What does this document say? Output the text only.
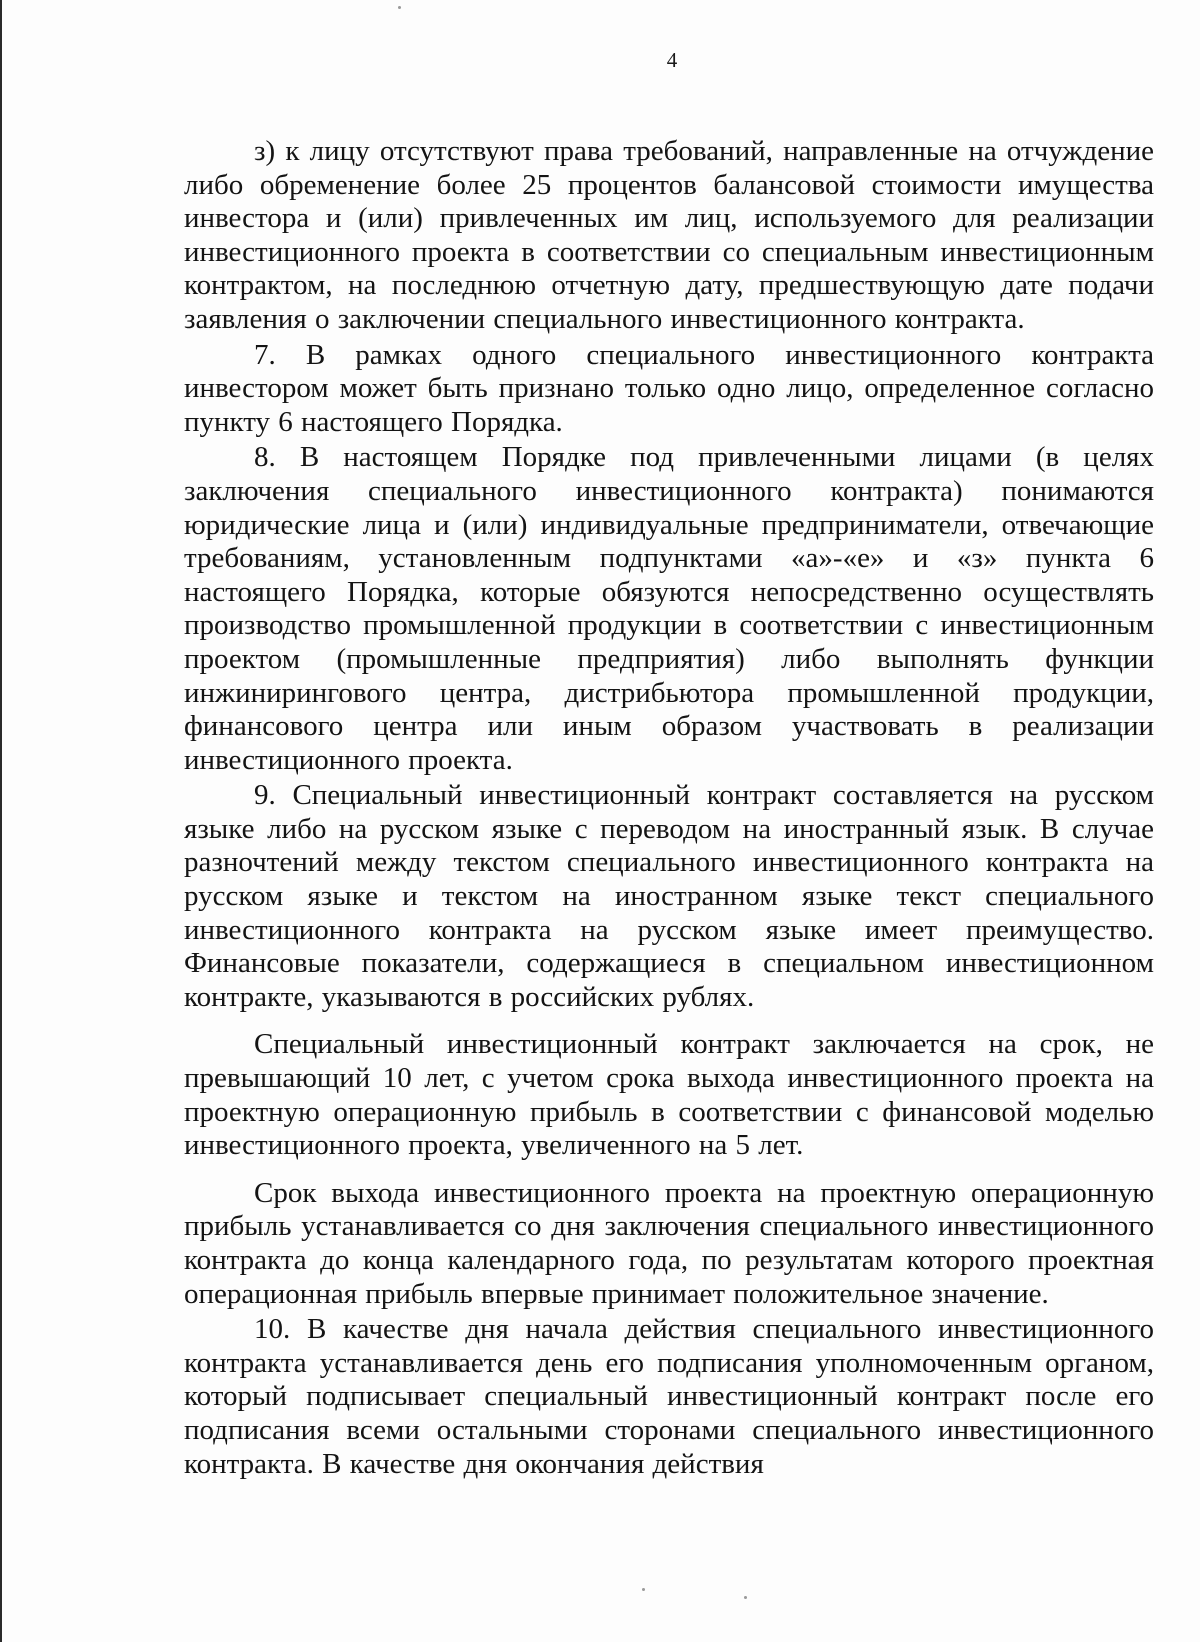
4

з) к лицу отсутствуют права требований, направленные на отчуждение либо обременение более 25 процентов балансовой стоимости имущества инвестора и (или) привлеченных им лиц, используемого для реализации инвестиционного проекта в соответствии со специальным инвестиционным контрактом, на последнюю отчетную дату, предшествующую дате подачи заявления о заключении специального инвестиционного контракта.

7. В рамках одного специального инвестиционного контракта инвестором может быть признано только одно лицо, определенное согласно пункту 6 настоящего Порядка.

8. В настоящем Порядке под привлеченными лицами (в целях заключения специального инвестиционного контракта) понимаются юридические лица и (или) индивидуальные предприниматели, отвечающие требованиям, установленным подпунктами «а»-«е» и «з» пункта 6 настоящего Порядка, которые обязуются непосредственно осуществлять производство промышленной продукции в соответствии с инвестиционным проектом (промышленные предприятия) либо выполнять функции инжинирингового центра, дистрибьютора промышленной продукции, финансового центра или иным образом участвовать в реализации инвестиционного проекта.

9. Специальный инвестиционный контракт составляется на русском языке либо на русском языке с переводом на иностранный язык. В случае разночтений между текстом специального инвестиционного контракта на русском языке и текстом на иностранном языке текст специального инвестиционного контракта на русском языке имеет преимущество. Финансовые показатели, содержащиеся в специальном инвестиционном контракте, указываются в российских рублях.

Специальный инвестиционный контракт заключается на срок, не превышающий 10 лет, с учетом срока выхода инвестиционного проекта на проектную операционную прибыль в соответствии с финансовой моделью инвестиционного проекта, увеличенного на 5 лет.

Срок выхода инвестиционного проекта на проектную операционную прибыль устанавливается со дня заключения специального инвестиционного контракта до конца календарного года, по результатам которого проектная операционная прибыль впервые принимает положительное значение.

10. В качестве дня начала действия специального инвестиционного контракта устанавливается день его подписания уполномоченным органом, который подписывает специальный инвестиционный контракт после его подписания всеми остальными сторонами специального инвестиционного контракта. В качестве дня окончания действия
